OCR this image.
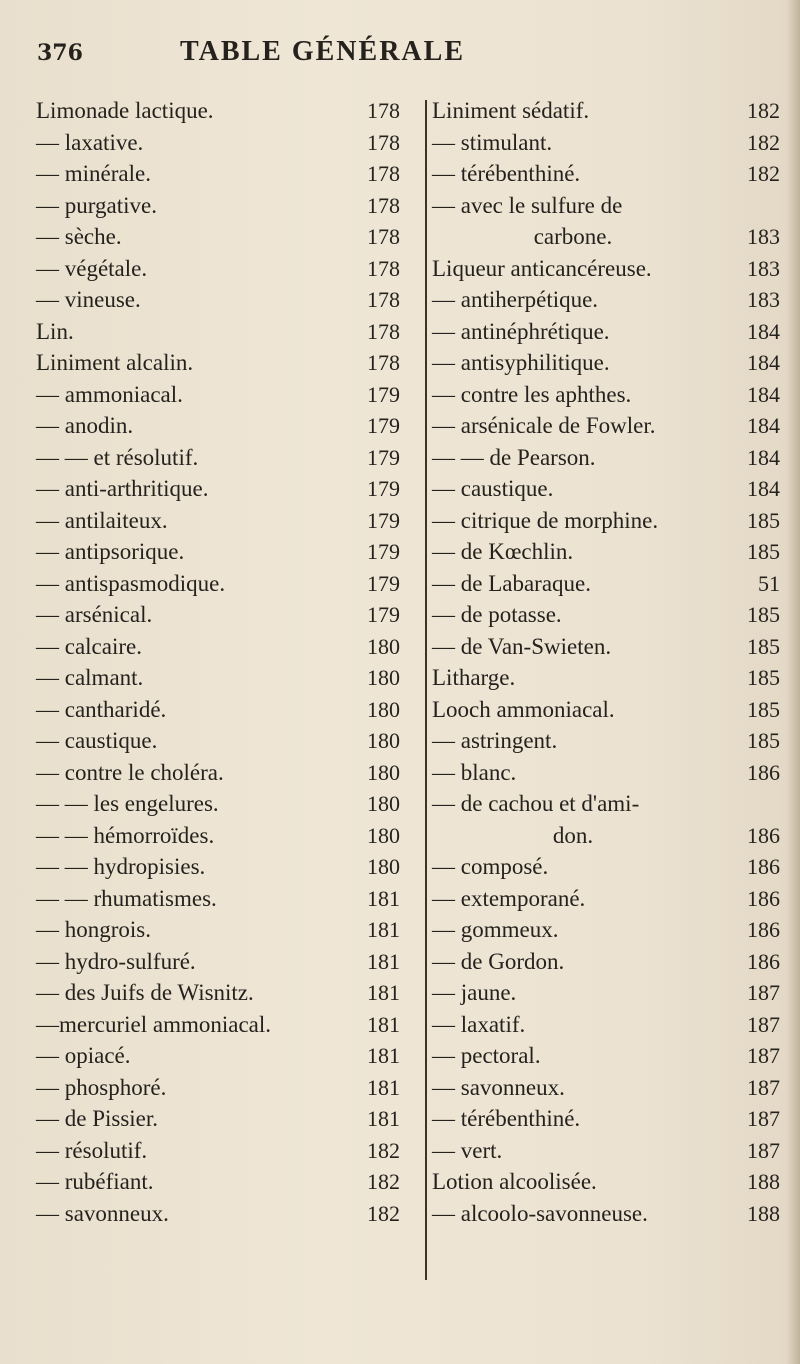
376	TABLE GÉNÉRALE
Limonade lactique.	178
— laxative.	178
— minérale.	178
— purgative.	178
— sèche.	178
— végétale.	178
— vineuse.	178
Lin.	178
Liniment alcalin.	178
— ammoniacal.	179
— anodin.	179
— — et résolutif.	179
— anti-arthritique.	179
— antilaiteux.	179
— antipsorique.	179
— antispasmodique.	179
— arsénical.	179
— calcaire.	180
— calmant.	180
— cantharidé.	180
— caustique.	180
— contre le choléra.	180
— — les engelures.	180
— — hémorroïdes.	180
— — hydropisies.	180
— — rhumatismes.	181
— hongrois.	181
— hydro-sulfuré.	181
— des Juifs de Wisnitz.	181
—mercuriel ammoniacal.	181
— opiacé.	181
— phosphoré.	181
— de Pissier.	181
— résolutif.	182
— rubéfiant.	182
— savonneux.	182
Liniment sédatif.	182
— stimulant.	182
— térébenthiné.	182
— avec le sulfure de
carbone.	183
Liqueur anticancéreuse.	183
— antiherpétique.	183
— antinéphrétique.	184
— antisyphilitique.	184
— contre les aphthes.	184
— arsénicale de Fowler.	184
— — de Pearson.	184
— caustique.	184
— citrique de morphine.	185
— de Kœchlin.	185
— de Labaraque.	51
— de potasse.	185
— de Van-Swieten.	185
Litharge.	185
Looch ammoniacal.	185
— astringent.	185
— blanc.	186
— de cachou et d'ami-
don.	186
— composé.	186
— extemporané.	186
— gommeux.	186
— de Gordon.	186
— jaune.	187
— laxatif.	187
— pectoral.	187
— savonneux.	187
— térébenthiné.	187
— vert.	187
Lotion alcoolisée.	188
— alcoolo-savonneuse.	188
